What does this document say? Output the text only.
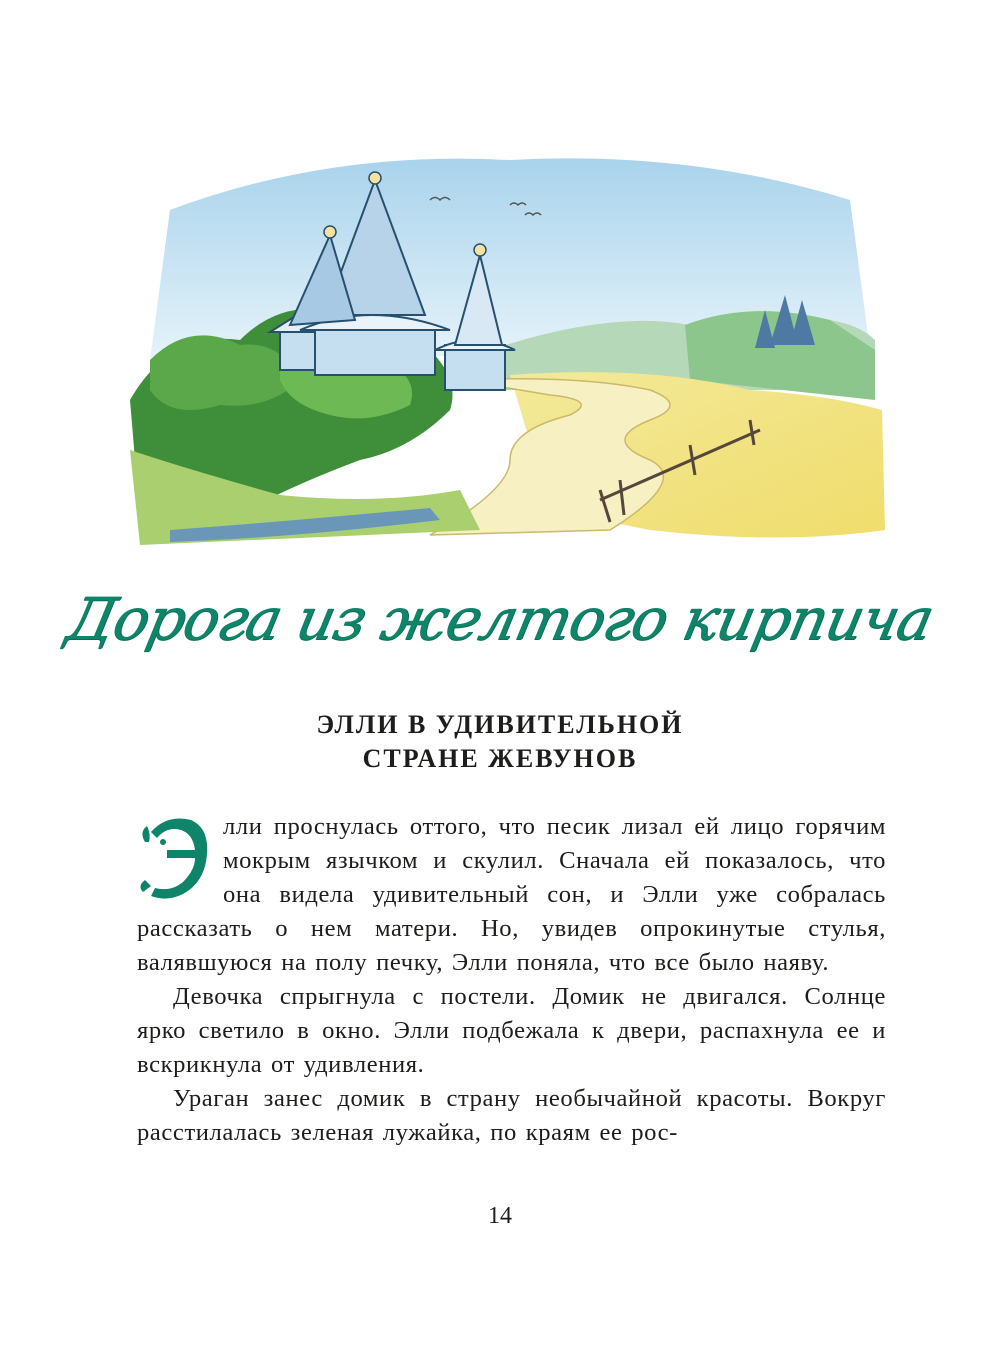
Дорога из желтого кирпича
ЭЛЛИ В УДИВИТЕЛЬНОЙ
СТРАНЕ ЖЕВУНОВ

лли проснулась оттого, что песик лизал ей лицо горячим мокрым язычком и скулил. Сначала ей показалось, что она видела удивительный сон, и Элли уже собралась рассказать о нем матери. Но, увидев опрокинутые стулья, валявшуюся на полу печку, Элли поняла, что все было наяву.

Девочка спрыгнула с постели. Домик не двигался. Солнце ярко светило в окно. Элли подбежала к двери, распахнула ее и вскрикнула от удивления.

Ураган занес домик в страну необычайной красоты. Вокруг расстилалась зеленая лужайка, по краям ее рос-

14
